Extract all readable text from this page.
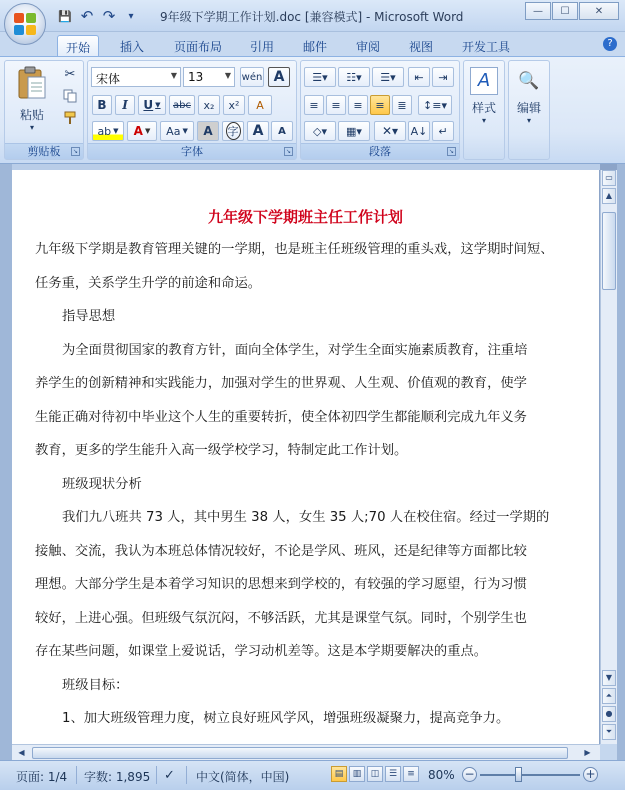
💾 ↶ ↷	▾	9年级下学期工作计划.doc [兼容模式] - Microsoft Word	—	☐	✕
开始	插入	页面布局	引用	邮件	审阅	视图	开发工具	?
粘贴
▾
✂
剪贴板	↘
宋体	▼ 13	▼ wén A
B I U ▼ abc x₂ x² A
ab ▼ A ▼ Aa ▼ A 字 A A
字体	↘
☰▾	☷▾	☰▾	⇤	⇥
≡	≡	≡	≡	≣	↕≡▾
◇▾	▦▾	✕▾	A↓	↵
段落	↘
A
样式
▾
🔍
编辑
▾
九年级下学期班主任工作计划
九年级下学期是教育管理关键的一学期，也是班主任班级管理的重头戏，这学期时间短、
任务重，关系学生升学的前途和命运。
指导思想
为全面贯彻国家的教育方针，面向全体学生，对学生全面实施素质教育，注重培
养学生的创新精神和实践能力，加强对学生的世界观、人生观、价值观的教育，使学
生能正确对待初中毕业这个人生的重要转折，使全体初四学生都能顺利完成九年义务
教育，更多的学生能升入高一级学校学习，特制定此工作计划。
班级现状分析
我们九八班共 73 人，其中男生 38 人，女生 35 人;70 人在校住宿。经过一学期的
接触、交流，我认为本班总体情况较好，不论是学风、班风，还是纪律等方面都比较
理想。大部分学生是本着学习知识的思想来到学校的，有较强的学习愿望，行为习惯
较好，上进心强。但班级气氛沉闷，不够活跃，尤其是课堂气氛。同时，个别学生也
存在某些问题，如课堂上爱说话，学习动机差等。这是本学期要解决的重点。
班级目标：
1、加大班级管理力度，树立良好班风学风，增强班级凝聚力，提高竞争力。
▭
▲
▼
⏶
●
⏷
◀	▶
页面: 1/4 字数: 1,895 ✓ 中文(简体，中国)	▤	▥	◫	☰	≡	80% −	+
